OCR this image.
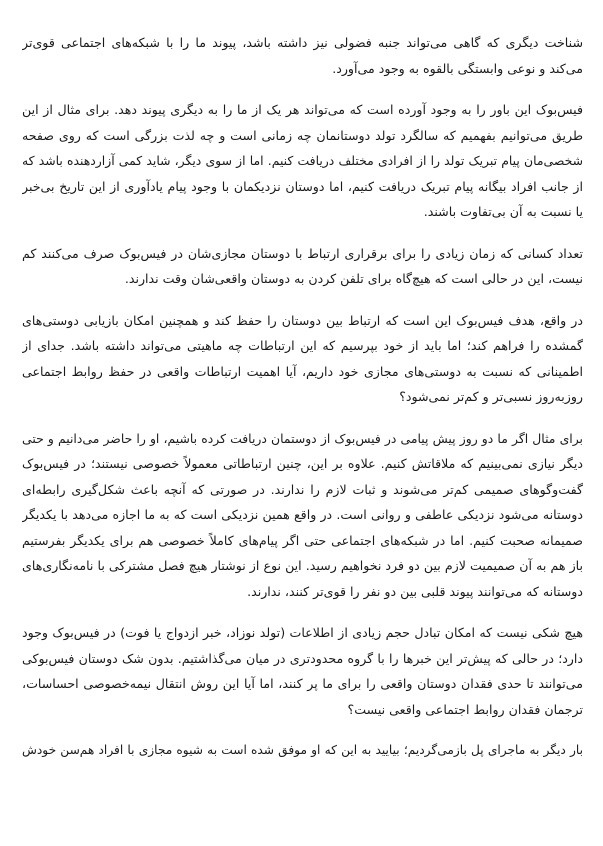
شناخت دیگری که گاهی می‌تواند جنبه فضولی نیز داشته باشد، پیوند ما را با شبکه‌های اجتماعی قوی‌تر
می‌کند و نوعی وابستگی بالقوه به وجود می‌آورد.
فیس‌بوک این باور را به وجود آورده است که می‌تواند هر یک از ما را به دیگری پیوند دهد. برای مثال از این
طریق می‌توانیم بفهمیم که سالگرد تولد دوستانمان چه زمانی است و چه لذت بزرگی است که روی صفحه
شخصی‌مان پیام تبریک تولد را از افرادی مختلف دریافت کنیم. اما از سوی دیگر، شاید کمی آزاردهنده باشد که
از جانب افراد بیگانه پیام تبریک دریافت کنیم، اما دوستان نزدیکمان با وجود پیام یادآوری از این تاریخ بی‌خبر
یا نسبت به آن بی‌تفاوت باشند.
تعداد کسانی که زمان زیادی را برای برقراری ارتباط با دوستان مجازی‌شان در فیس‌بوک صرف می‌کنند کم
نیست، این در حالی است که هیچ‌گاه برای تلفن کردن به دوستان واقعی‌شان وقت ندارند.
در واقع، هدف فیس‌بوک این است که ارتباط بین دوستان را حفظ کند و همچنین امکان بازیابی دوستی‌های
گمشده را فراهم کند؛ اما باید از خود بپرسیم که این ارتباطات چه ماهیتی می‌تواند داشته باشد. جدای از
اطمینانی که نسبت به دوستی‌های مجازی خود داریم، آیا اهمیت ارتباطات واقعی در حفظ روابط اجتماعی
روزبه‌روز نسبی‌تر و کم‌تر نمی‌شود؟
برای مثال اگر ما دو روز پیش پیامی در فیس‌بوک از دوستمان دریافت کرده باشیم، او را حاضر می‌دانیم و حتی
دیگر نیازی نمی‌بینیم که ملاقاتش کنیم. علاوه بر این، چنین ارتباطاتی معمولاً خصوصی نیستند؛ در فیس‌بوک
گفت‌وگوهای صمیمی کم‌تر می‌شوند و ثبات لازم را ندارند. در صورتی که آنچه باعث شکل‌گیری رابطه‌ای
دوستانه می‌شود نزدیکی عاطفی و روانی است. در واقع همین نزدیکی است که به ما اجازه می‌دهد با یکدیگر
صمیمانه صحبت کنیم. اما در شبکه‌های اجتماعی حتی اگر پیام‌های کاملاً خصوصی هم برای یکدیگر بفرستیم
باز هم به آن صمیمیت لازم بین دو فرد نخواهیم رسید. این نوع از نوشتار هیچ فصل مشترکی با نامه‌نگاری‌های
دوستانه که می‌توانند پیوند قلبی بین دو نفر را قوی‌تر کنند، ندارند.
هیچ شکی نیست که امکان تبادل حجم زیادی از اطلاعات (تولد نوزاد، خبر ازدواج یا فوت) در فیس‌بوک وجود
دارد؛ در حالی که پیش‌تر این خبرها را با گروه محدودتری در میان می‌گذاشتیم. بدون شک دوستان فیس‌بوکی
می‌توانند تا حدی فقدان دوستان واقعی را برای ما پر کنند، اما آیا این روش انتقال نیمه‌خصوصی احساسات،
ترجمان فقدان روابط اجتماعی واقعی نیست؟
بار دیگر به ماجرای پل بازمی‌گردیم؛ بیایید به این که او موفق شده است به شیوه مجازی با افراد هم‌سن خودش
